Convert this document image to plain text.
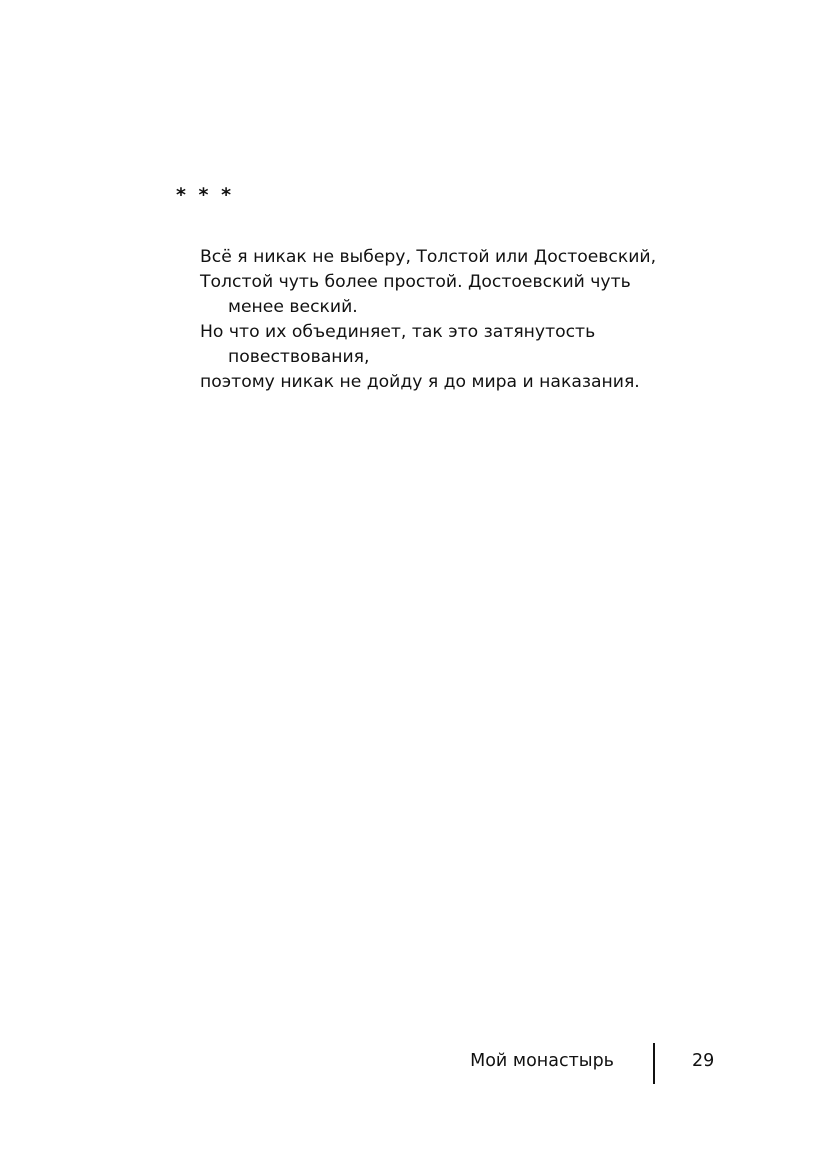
* * *
Всё я никак не выберу, Толстой или Достоевский,
Толстой чуть более простой. Достоевский чуть
менее веский.
Но что их объединяет, так это затянутость
повествования,
поэтому никак не дойду я до мира и наказания.
Мой монастырь	29
